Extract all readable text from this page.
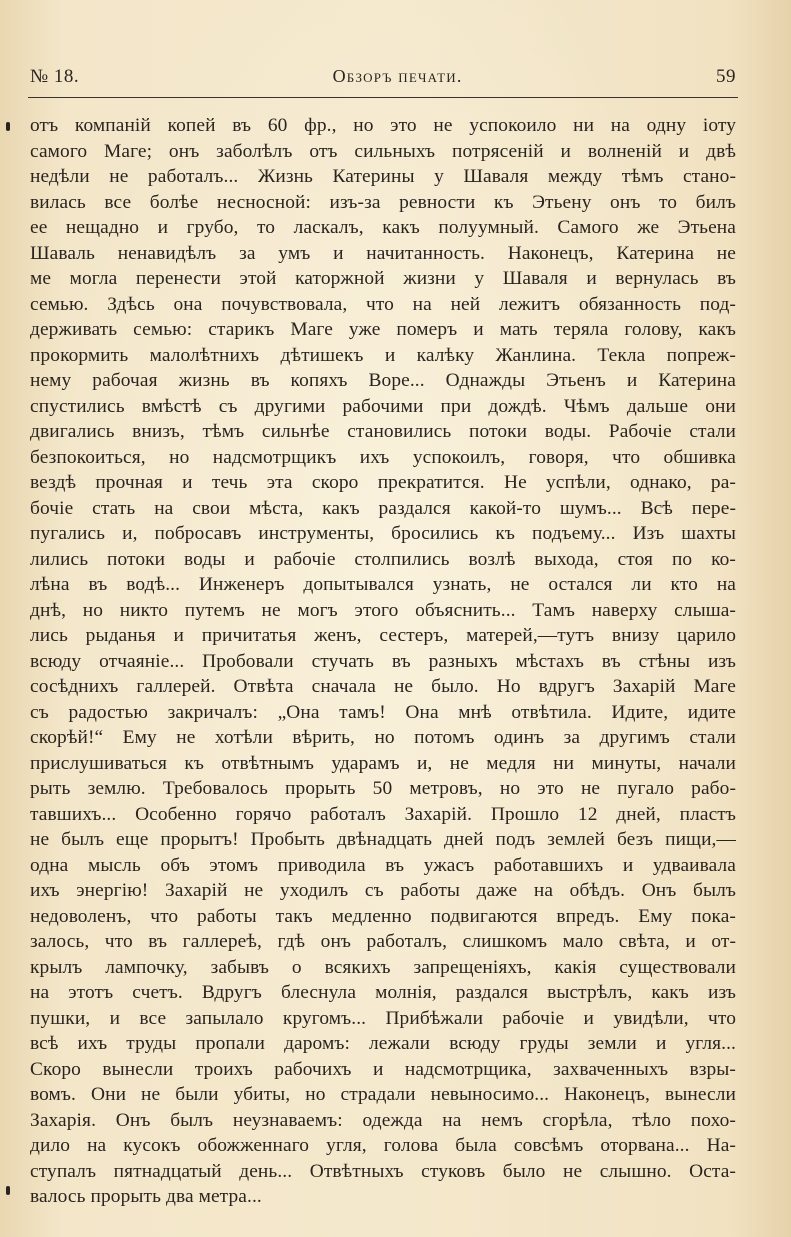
№ 18.	Обзоръ печати.	59
отъ компаній копей въ 60 фр., но это не успокоило ни на одну іоту
самого Маге; онъ заболѣлъ отъ сильныхъ потрясеній и волненій и двѣ
недѣли не работалъ... Жизнь Катерины у Шаваля между тѣмъ стано-
вилась все болѣе несносной: изъ-за ревности къ Этьену онъ то билъ
ее нещадно и грубо, то ласкалъ, какъ полуумный. Самого же Этьена
Шаваль ненавидѣлъ за умъ и начитанность. Наконецъ, Катерина не
ме могла перенести этой каторжной жизни у Шаваля и вернулась въ
семью. Здѣсь она почувствовала, что на ней лежитъ обязанность под-
держивать семью: старикъ Маге уже померъ и мать теряла голову, какъ
прокормить малолѣтнихъ дѣтишекъ и калѣку Жанлина. Текла попреж-
нему рабочая жизнь въ копяхъ Воре... Однажды Этьенъ и Катерина
спустились вмѣстѣ съ другими рабочими при дождѣ. Чѣмъ дальше они
двигались внизъ, тѣмъ сильнѣе становились потоки воды. Рабочіе стали
безпокоиться, но надсмотрщикъ ихъ успокоилъ, говоря, что обшивка
вездѣ прочная и течь эта скоро прекратится. Не успѣли, однако, ра-
бочіе стать на свои мѣста, какъ раздался какой-то шумъ... Всѣ пере-
пугались и, побросавъ инструменты, бросились къ подъему... Изъ шахты
лились потоки воды и рабочіе столпились возлѣ выхода, стоя по ко-
лѣна въ водѣ... Инженеръ допытывался узнать, не остался ли кто на
днѣ, но никто путемъ не могъ этого объяснить... Тамъ наверху слыша-
лись рыданья и причитатья женъ, сестеръ, матерей,—тутъ внизу царило
всюду отчаяніе... Пробовали стучать въ разныхъ мѣстахъ въ стѣны изъ
сосѣднихъ галлерей. Отвѣта сначала не было. Но вдругъ Захарій Маге
съ радостью закричалъ: „Она тамъ! Она мнѣ отвѣтила. Идите, идите
скорѣй!“ Ему не хотѣли вѣрить, но потомъ одинъ за другимъ стали
прислушиваться къ отвѣтнымъ ударамъ и, не медля ни минуты, начали
рыть землю. Требовалось прорыть 50 метровъ, но это не пугало рабо-
тавшихъ... Особенно горячо работалъ Захарій. Прошло 12 дней, пластъ
не былъ еще прорытъ! Пробыть двѣнадцать дней подъ землей безъ пищи,—
одна мысль объ этомъ приводила въ ужасъ работавшихъ и удваивала
ихъ энергію! Захарій не уходилъ съ работы даже на обѣдъ. Онъ былъ
недоволенъ, что работы такъ медленно подвигаются впредъ. Ему пока-
залось, что въ галлереѣ, гдѣ онъ работалъ, слишкомъ мало свѣта, и от-
крылъ лампочку, забывъ о всякихъ запрещеніяхъ, какія существовали
на этотъ счетъ. Вдругъ блеснула молнія, раздался выстрѣлъ, какъ изъ
пушки, и все запылало кругомъ... Прибѣжали рабочіе и увидѣли, что
всѣ ихъ труды пропали даромъ: лежали всюду груды земли и угля...
Скоро вынесли троихъ рабочихъ и надсмотрщика, захваченныхъ взры-
вомъ. Они не были убиты, но страдали невыносимо... Наконецъ, вынесли
Захарія. Онъ былъ неузнаваемъ: одежда на немъ сгорѣла, тѣло похо-
дило на кусокъ обожженнаго угля, голова была совсѣмъ оторвана... На-
ступалъ пятнадцатый день... Отвѣтныхъ стуковъ было не слышно. Оста-
валось прорыть два метра...
